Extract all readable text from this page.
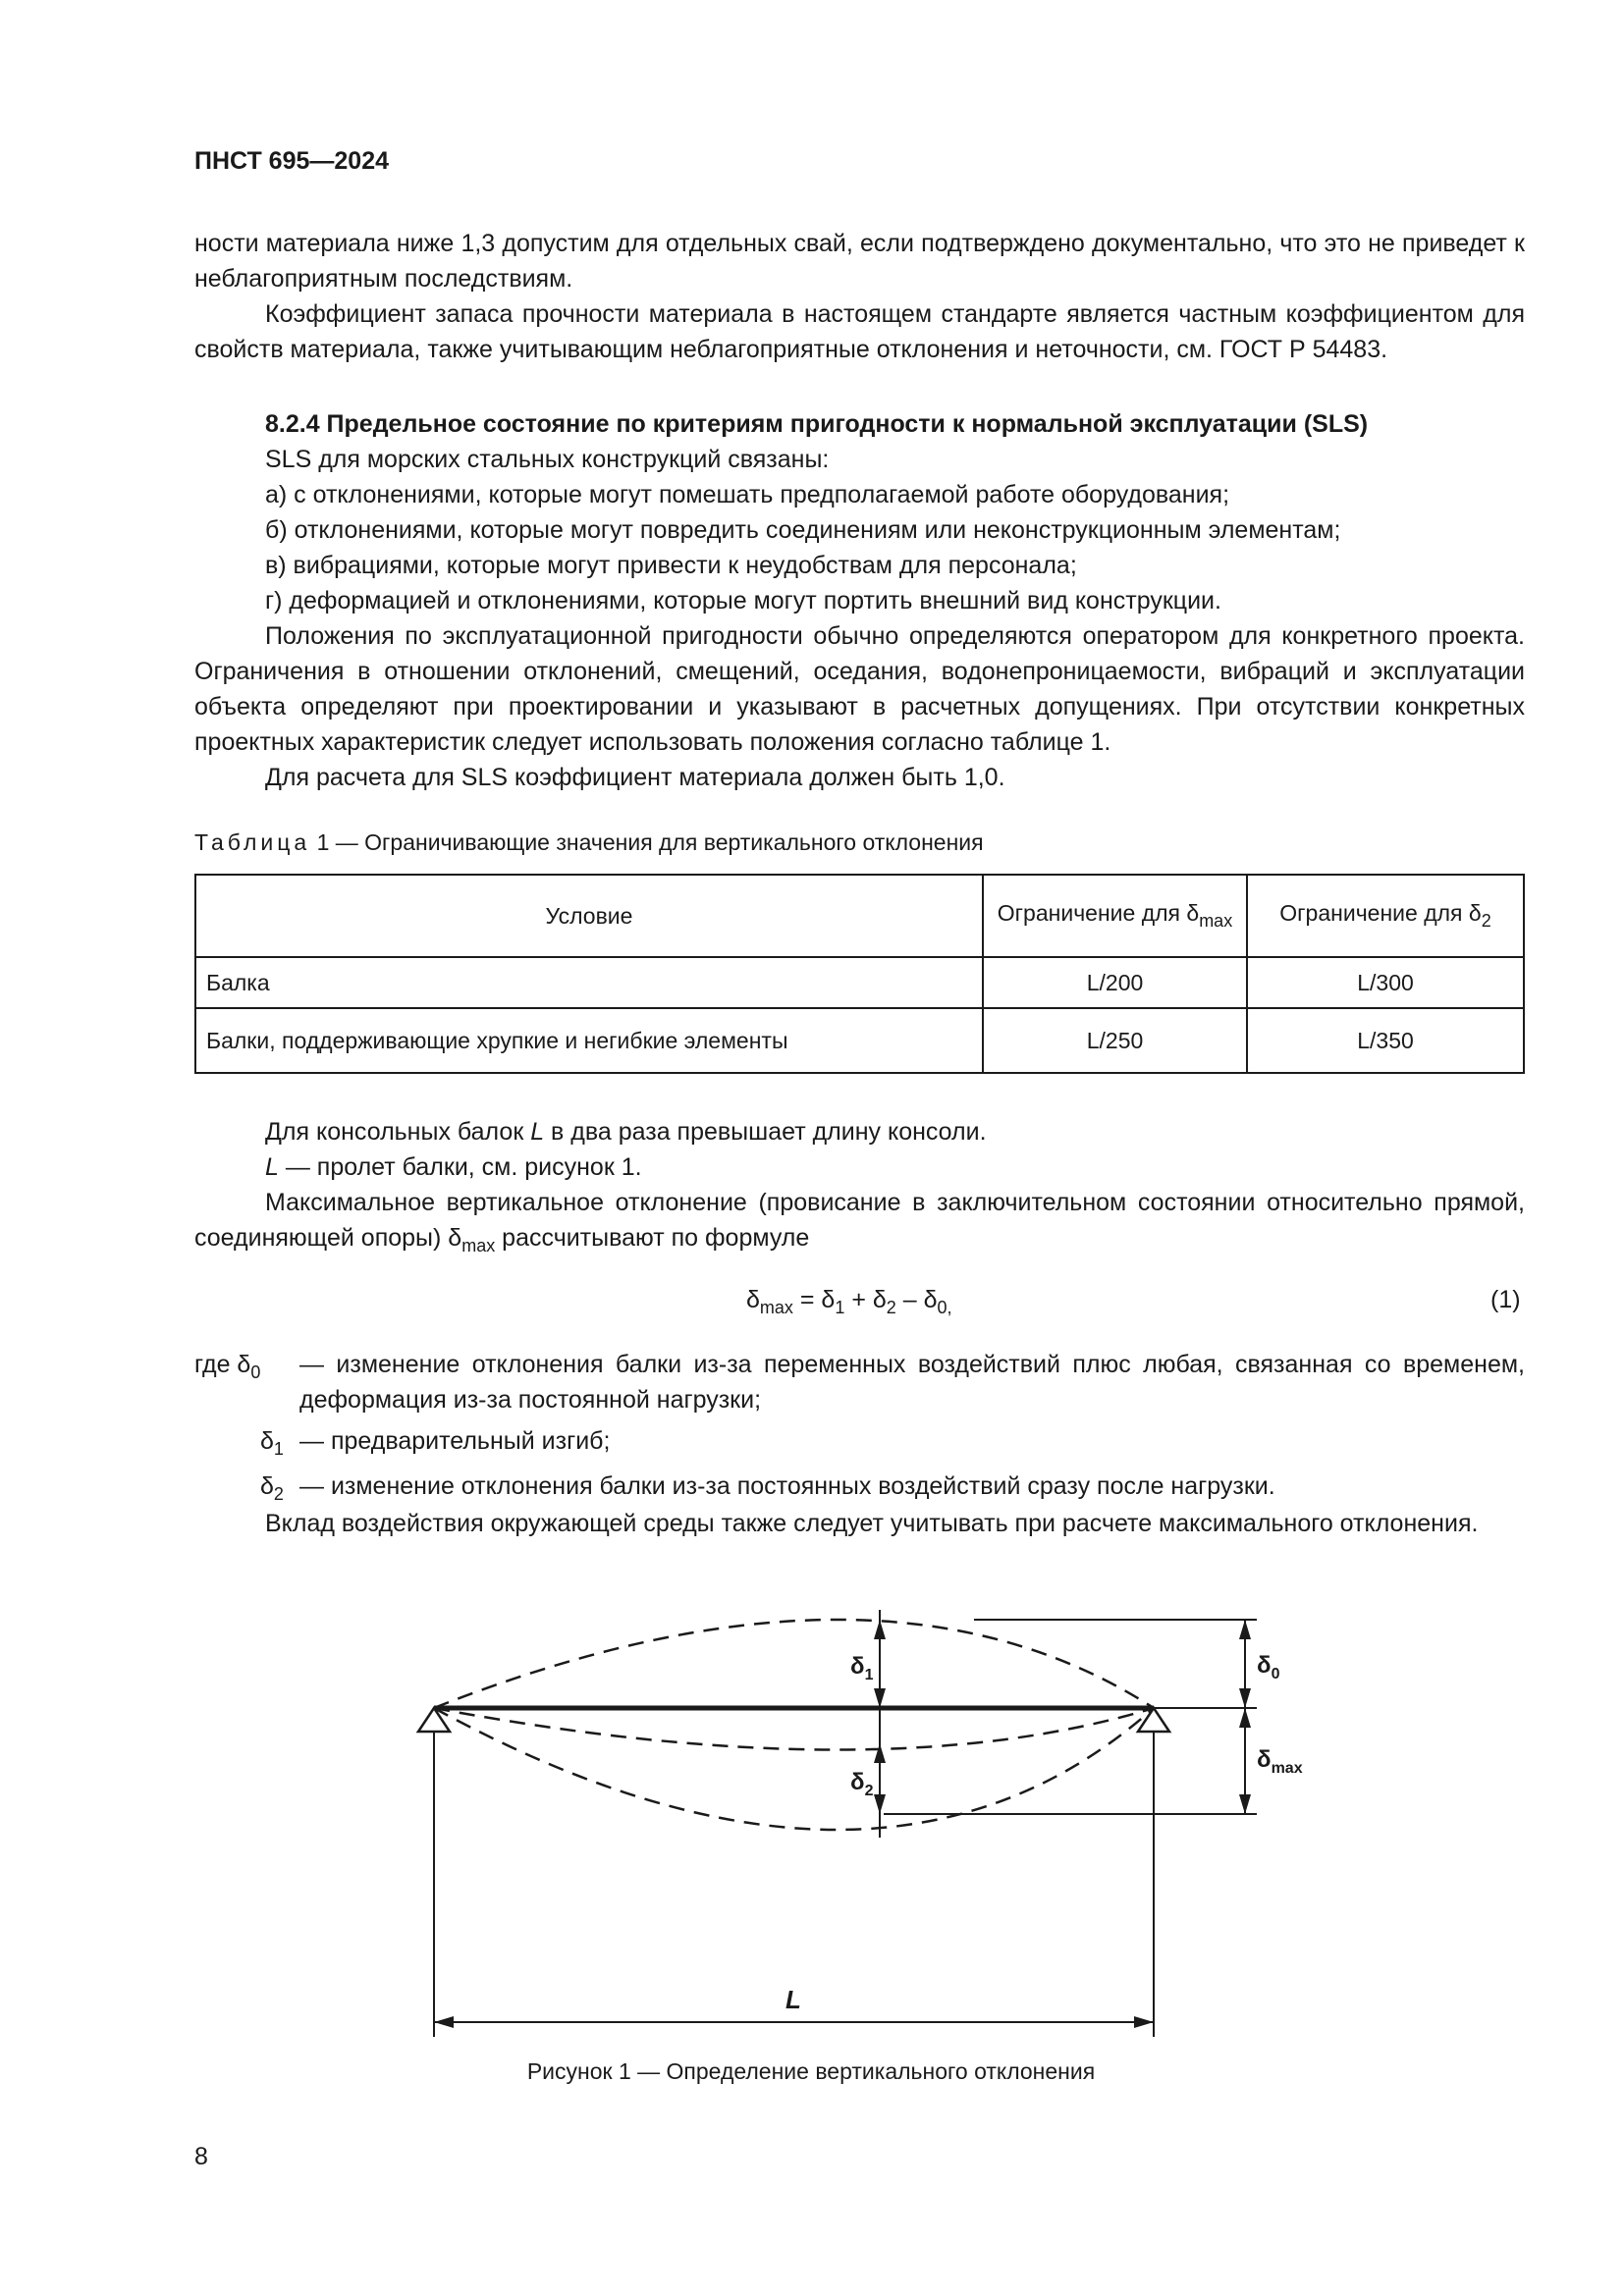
ПНСТ 695—2024
ности материала ниже 1,3 допустим для отдельных свай, если подтверждено документально, что это не приведет к неблагоприятным последствиям.
Коэффициент запаса прочности материала в настоящем стандарте является частным коэффициентом для свойств материала, также учитывающим неблагоприятные отклонения и неточности, см. ГОСТ Р 54483.
8.2.4 Предельное состояние по критериям пригодности к нормальной эксплуатации (SLS)
SLS для морских стальных конструкций связаны:
а) с отклонениями, которые могут помешать предполагаемой работе оборудования;
б) отклонениями, которые могут повредить соединениям или неконструкционным элементам;
в) вибрациями, которые могут привести к неудобствам для персонала;
г) деформацией и отклонениями, которые могут портить внешний вид конструкции.
Положения по эксплуатационной пригодности обычно определяются оператором для конкретного проекта. Ограничения в отношении отклонений, смещений, оседания, водонепроницаемости, вибраций и эксплуатации объекта определяют при проектировании и указывают в расчетных допущениях. При отсутствии конкретных проектных характеристик следует использовать положения согласно таблице 1.
Для расчета для SLS коэффициент материала должен быть 1,0.
Таблица 1 — Ограничивающие значения для вертикального отклонения
Условие	Ограничение для $\delta_{max}$	Ограничение для $\delta_2$
Балка	L/200	L/300
Балки, поддерживающие хрупкие и негибкие элементы	L/250	L/350
Для консольных балок L в два раза превышает длину консоли.
L — пролет балки, см. рисунок 1.
Максимальное вертикальное отклонение (провисание в заключительном состоянии относительно прямой, соединяющей опоры) $\delta_{max}$ рассчитывают по формуле
$\delta_{max} = \delta_1 + \delta_2 - \delta_{0,}$	(1)
где $\delta_0$ — изменение отклонения балки из-за переменных воздействий плюс любая, связанная со временем, деформация из-за постоянной нагрузки;
$\delta_1$ — предварительный изгиб;
$\delta_2$ — изменение отклонения балки из-за постоянных воздействий сразу после нагрузки.
Вклад воздействия окружающей среды также следует учитывать при расчете максимального отклонения.
$\delta_1$
$\delta_2$
$\delta_0$
$\delta_{max}$
L
Рисунок 1 — Определение вертикального отклонения
8
